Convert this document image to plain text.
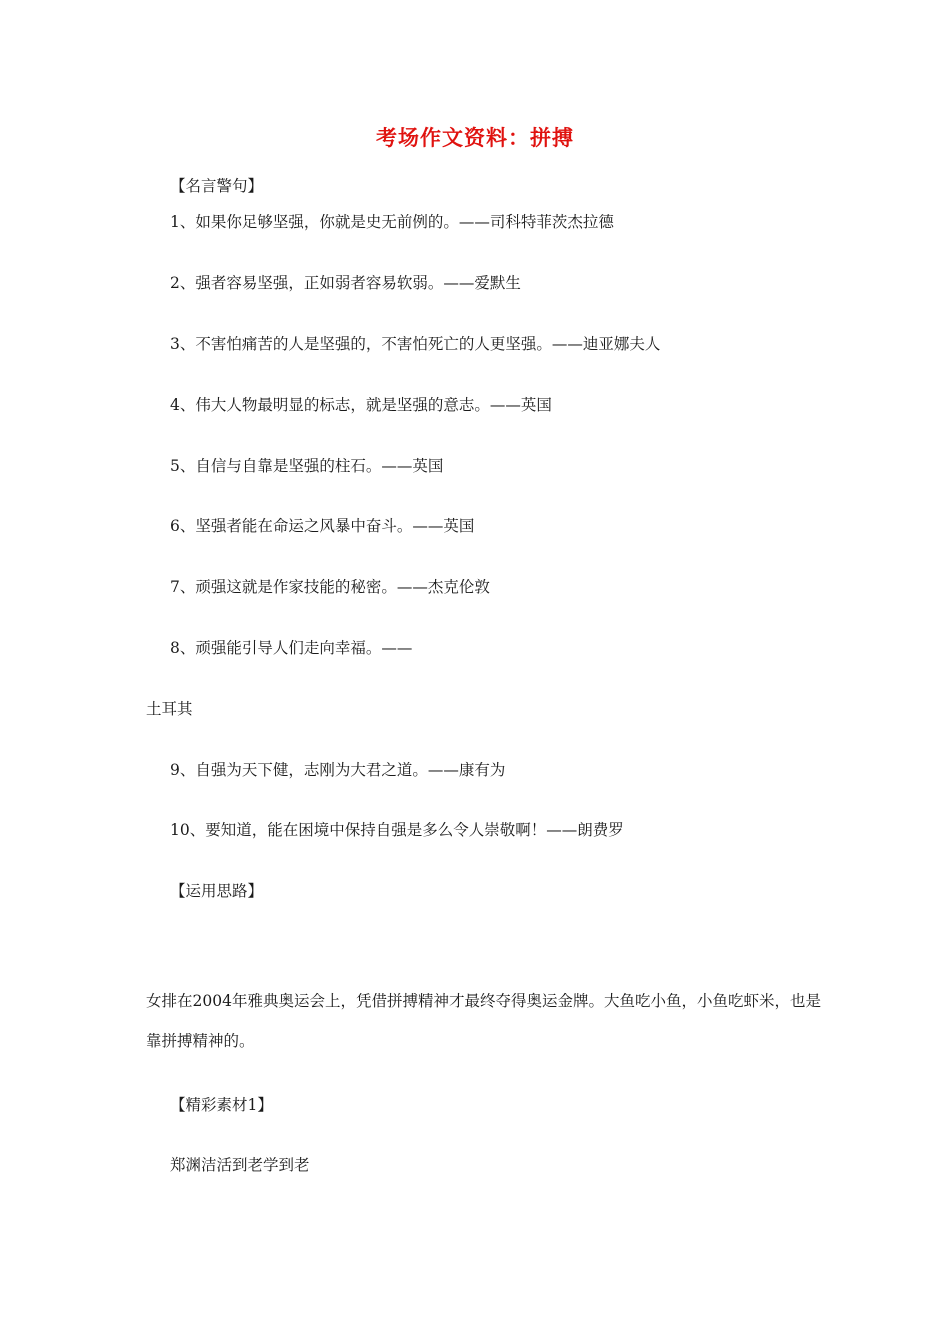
考场作文资料：拼搏
【名言警句】
1、如果你足够坚强，你就是史无前例的。——司科特菲茨杰拉德
2、强者容易坚强，正如弱者容易软弱。——爱默生
3、不害怕痛苦的人是坚强的，不害怕死亡的人更坚强。——迪亚娜夫人
4、伟大人物最明显的标志，就是坚强的意志。——英国
5、自信与自靠是坚强的柱石。——英国
6、坚强者能在命运之风暴中奋斗。——英国
7、顽强这就是作家技能的秘密。——杰克伦敦
8、顽强能引导人们走向幸福。——
土耳其
9、自强为天下健，志刚为大君之道。——康有为
10、要知道，能在困境中保持自强是多么令人崇敬啊！——朗费罗
【运用思路】
女排在2004年雅典奥运会上，凭借拼搏精神才最终夺得奥运金牌。大鱼吃小鱼，小鱼吃虾米，也是靠拼搏精神的。
【精彩素材1】
郑渊洁活到老学到老
